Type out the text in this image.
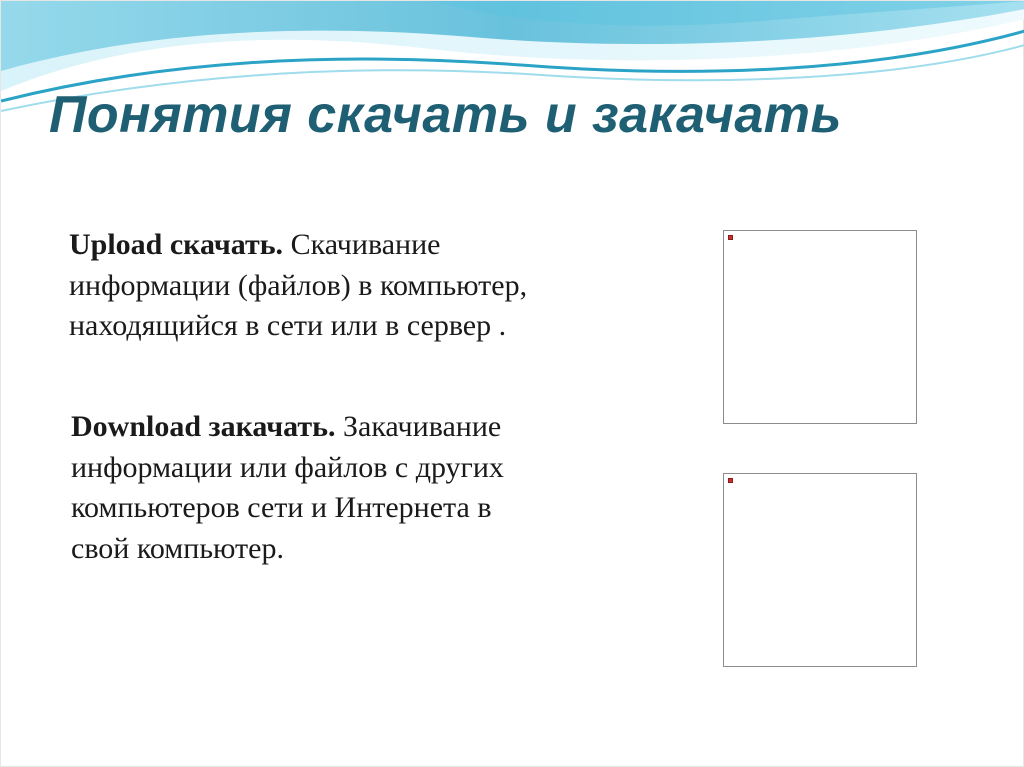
Понятия скачать и закачать

Upload скачать. Скачивание информации (файлов) в компьютер, находящийся в сети или в сервер .

Download закачать. Закачивание информации или файлов с других компьютеров сети и Интернета в свой компьютер.
